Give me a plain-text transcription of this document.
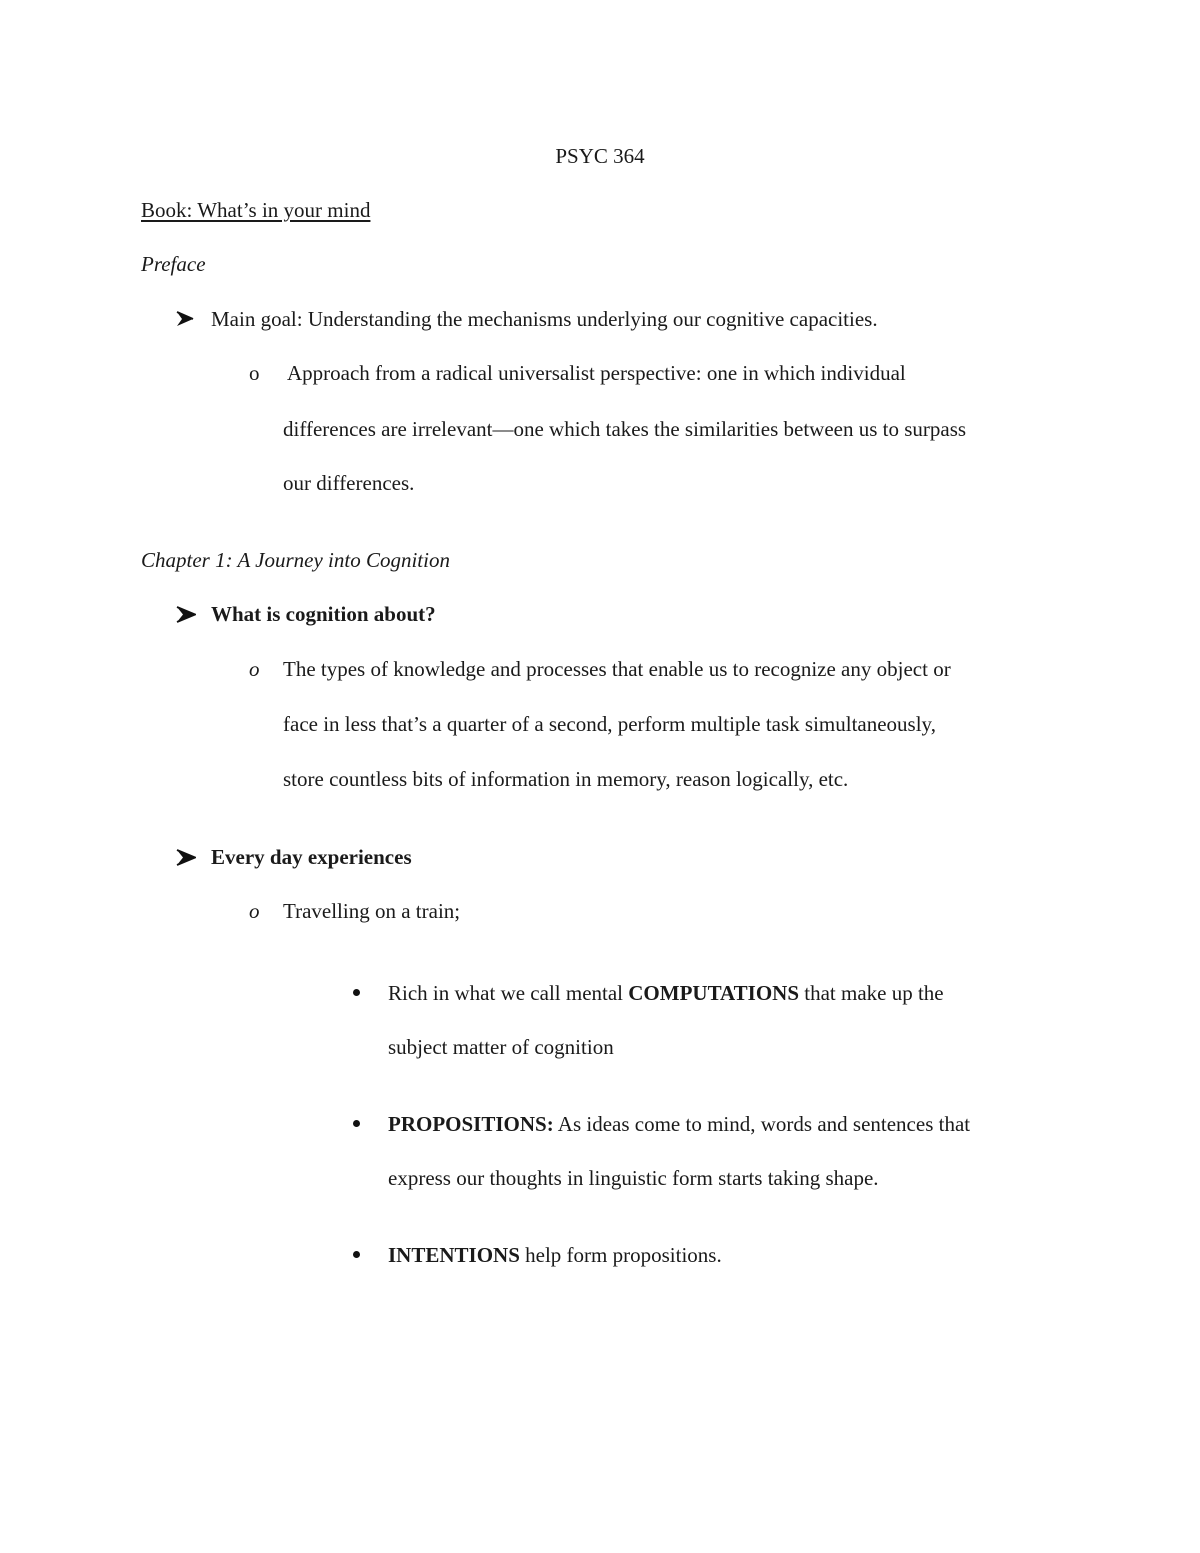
PSYC 364
Book: What’s in your mind
Preface
Main goal: Understanding the mechanisms underlying our cognitive capacities.
o Approach from a radical universalist perspective: one in which individual
differences are irrelevant—one which takes the similarities between us to surpass
our differences.
Chapter 1: A Journey into Cognition
What is cognition about?
o The types of knowledge and processes that enable us to recognize any object or
face in less that’s a quarter of a second, perform multiple task simultaneously,
store countless bits of information in memory, reason logically, etc.
Every day experiences
o Travelling on a train;
Rich in what we call mental COMPUTATIONS that make up the
subject matter of cognition
PROPOSITIONS: As ideas come to mind, words and sentences that
express our thoughts in linguistic form starts taking shape.
INTENTIONS help form propositions.
